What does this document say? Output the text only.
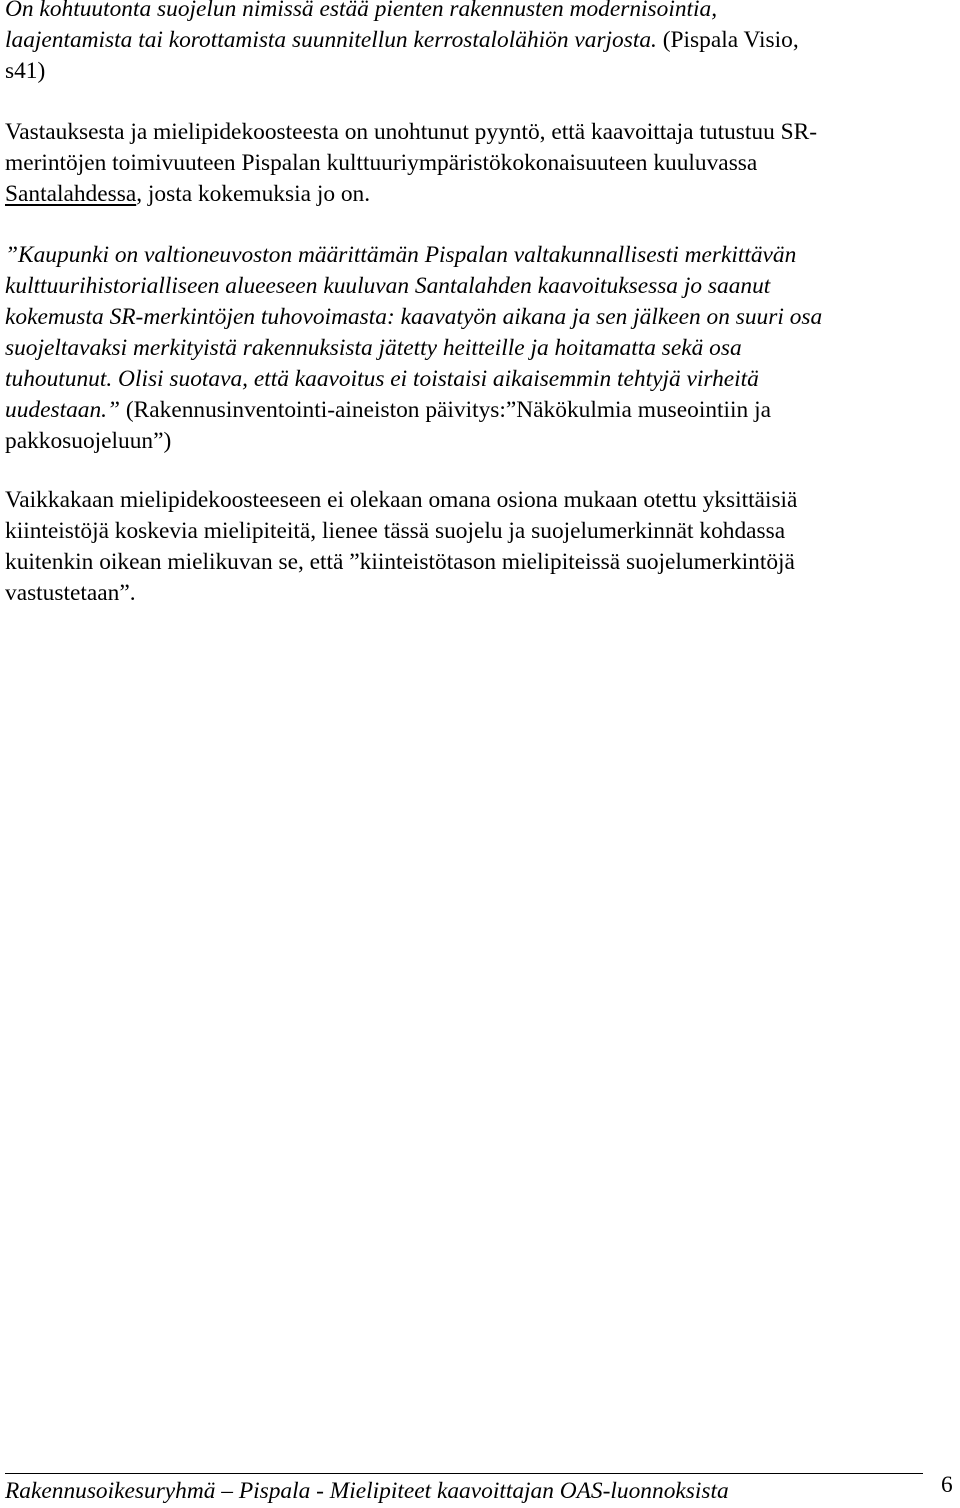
On kohtuutonta suojelun nimissä estää pienten rakennusten modernisointia,
laajentamista tai korottamista suunnitellun kerrostalolähiön varjosta. (Pispala Visio,
s41)
Vastauksesta ja mielipidekoosteesta on unohtunut pyyntö, että kaavoittaja tutustuu SR-
merintöjen toimivuuteen Pispalan kulttuuriympäristökokonaisuuteen kuuluvassa
Santalahdessa, josta kokemuksia jo on.
”Kaupunki on valtioneuvoston määrittämän Pispalan valtakunnallisesti merkittävän
kulttuurihistorialliseen alueeseen kuuluvan Santalahden kaavoituksessa jo saanut
kokemusta SR-merkintöjen tuhovoimasta: kaavatyön aikana ja sen jälkeen on suuri osa
suojeltavaksi merkityistä rakennuksista jätetty heitteille ja hoitamatta sekä osa
tuhoutunut. Olisi suotava, että kaavoitus ei toistaisi aikaisemmin tehtyjä virheitä
uudestaan.” (Rakennusinventointi-aineiston päivitys:”Näkökulmia museointiin ja
pakkosuojeluun”)
Vaikkakaan mielipidekoosteeseen ei olekaan omana osiona mukaan otettu yksittäisiä
kiinteistöjä koskevia mielipiteitä, lienee tässä suojelu ja suojelumerkinnät kohdassa
kuitenkin oikean mielikuvan se, että ”kiinteistötason mielipiteissä suojelumerkintöjä
vastustetaan”.
Rakennusoikesuryhmä – Pispala - Mielipiteet kaavoittajan OAS-luonnoksista	6
